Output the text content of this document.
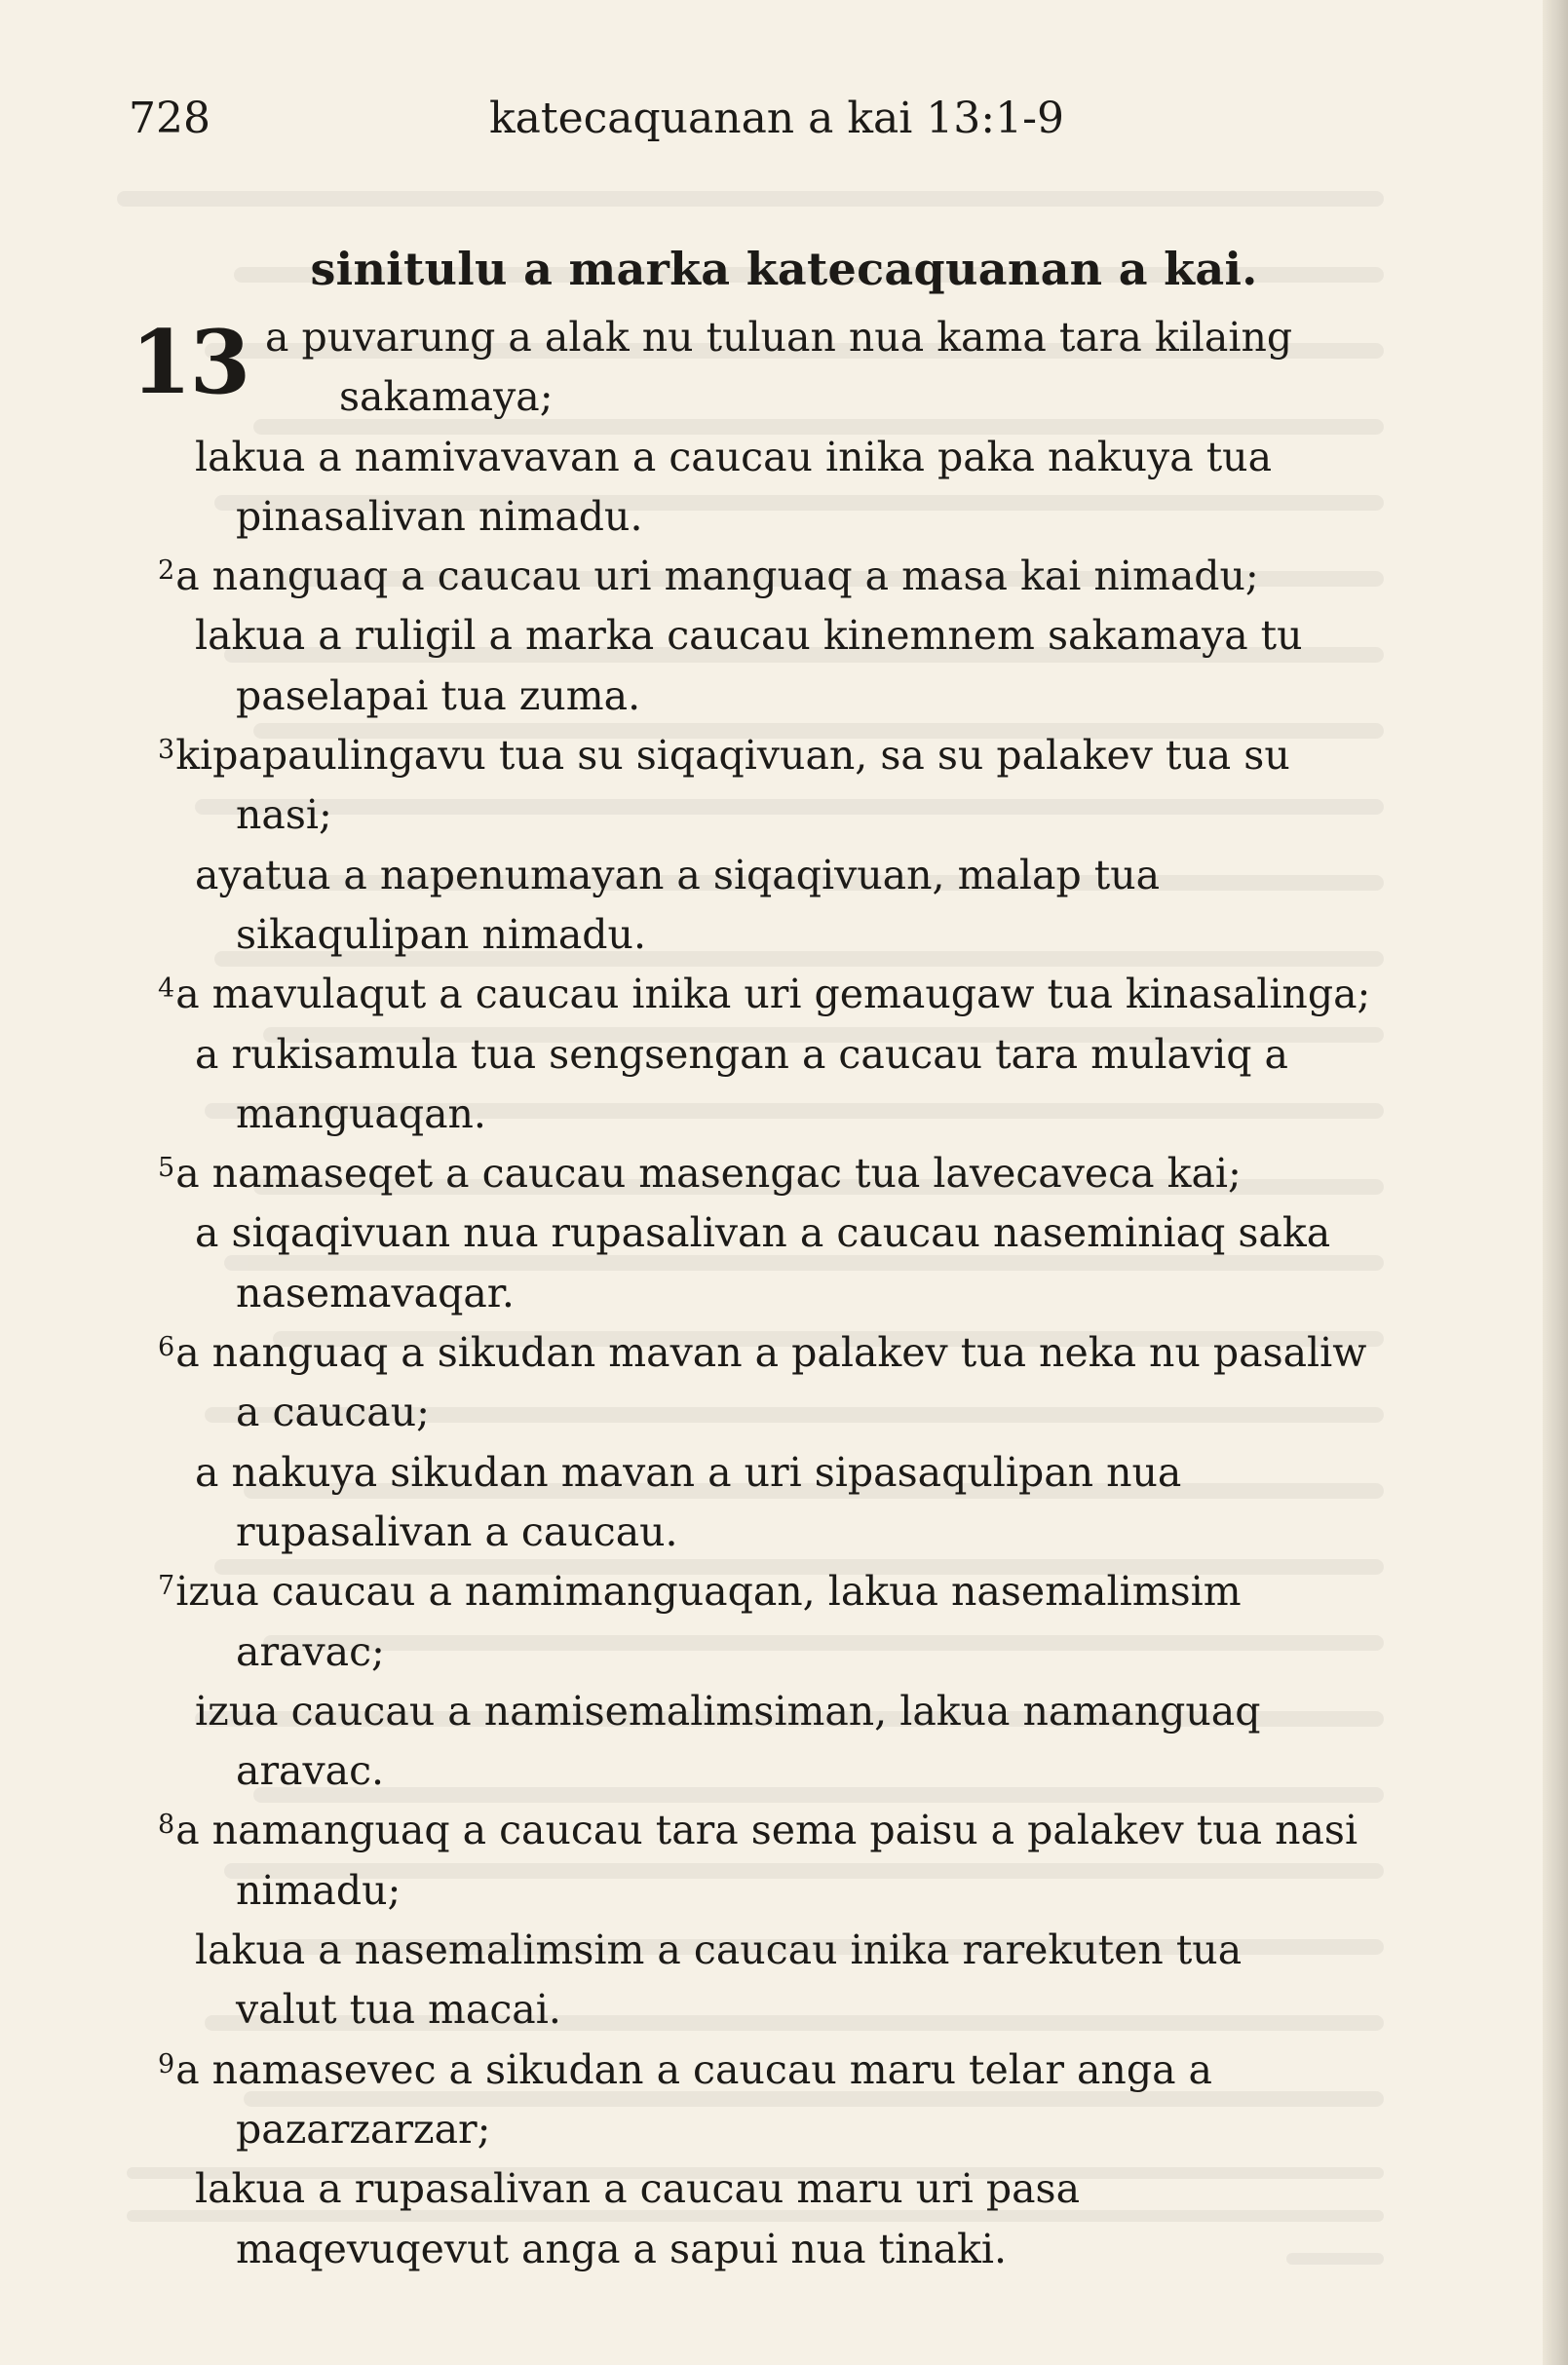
728	katecaquanan a kai 13:1-9
sinitulu a marka katecaquanan a kai.
13 a puvarung a alak nu tuluan nua kama tara kilaing
sakamaya;
lakua a namivavavan a caucau inika paka nakuya tua
pinasalivan nimadu.
$^2$a nanguaq a caucau uri manguaq a masa kai nimadu;
lakua a ruligil a marka caucau kinemnem sakamaya tu
paselapai tua zuma.
$^3$kipapaulingavu tua su siqaqivuan, sa su palakev tua su
nasi;
ayatua a napenumayan a siqaqivuan, malap tua
sikaqulipan nimadu.
$^4$a mavulaqut a caucau inika uri gemaugaw tua kinasalinga;
a rukisamula tua sengsengan a caucau tara mulaviq a
manguaqan.
$^5$a namaseqet a caucau masengac tua lavecaveca kai;
a siqaqivuan nua rupasalivan a caucau naseminiaq saka
nasemavaqar.
$^6$a nanguaq a sikudan mavan a palakev tua neka nu pasaliw
a caucau;
a nakuya sikudan mavan a uri sipasaqulipan nua
rupasalivan a caucau.
$^7$izua caucau a namimanguaqan, lakua nasemalimsim
aravac;
izua caucau a namisemalimsiman, lakua namanguaq
aravac.
$^8$a namanguaq a caucau tara sema paisu a palakev tua nasi
nimadu;
lakua a nasemalimsim a caucau inika rarekuten tua
valut tua macai.
$^9$a namasevec a sikudan a caucau maru telar anga a
pazarzarzar;
lakua a rupasalivan a caucau maru uri pasa
maqevuqevut anga a sapui nua tinaki.
